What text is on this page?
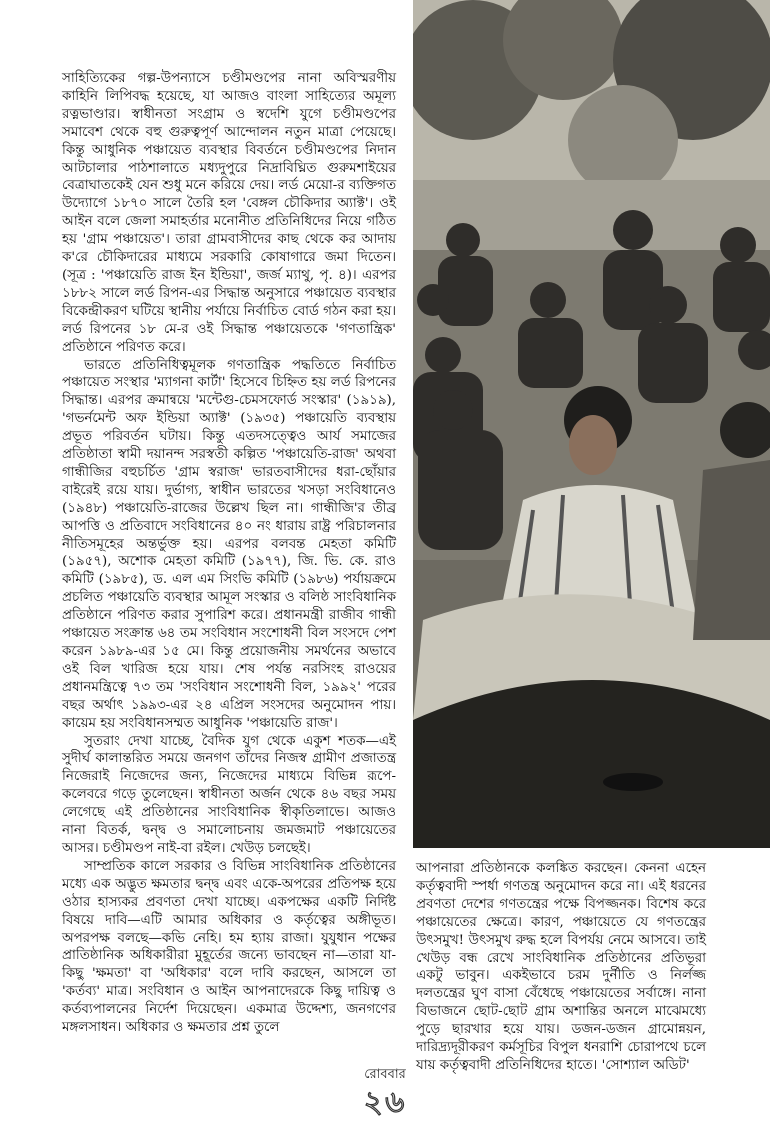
সাহিত্যিকের গল্প-উপন্যাসে চণ্ডীমণ্ডপের নানা অবিস্মরণীয় কাহিনি লিপিবদ্ধ হয়েছে, যা আজও বাংলা সাহিত্যের অমূল্য রত্নভাণ্ডার। স্বাধীনতা সংগ্রাম ও স্বদেশি যুগে চণ্ডীমণ্ডপের সমাবেশ থেকে বহু গুরুত্বপূর্ণ আন্দোলন নতুন মাত্রা পেয়েছে। কিন্তু আধুনিক পঞ্চায়েত ব্যবস্থার বিবর্তনে চণ্ডীমণ্ডপের নিদান আটচালার পাঠশালাতে মধ্যদুপুরে নিদ্রাবিঘ্নিত গুরুমশাইয়ের বেত্রাঘাতকেই যেন শুধু মনে করিয়ে দেয়। লর্ড মেয়ো-র ব্যক্তিগত উদ্যোগে ১৮৭০ সালে তৈরি হল 'বেঙ্গল চৌকিদার অ্যাক্ট'। ওই আইন বলে জেলা সমাহর্তার মনোনীত প্রতিনিধিদের নিয়ে গঠিত হয় 'গ্রাম পঞ্চায়েত'। তারা গ্রামবাসীদের কাছ থেকে কর আদায় ক'রে চৌকিদারের মাধ্যমে সরকারি কোষাগারে জমা দিতেন। (সূত্র : 'পঞ্চায়েতি রাজ ইন ইন্ডিয়া', জর্জ ম্যাথু, পৃ. ৪)। এরপর ১৮৮২ সালে লর্ড রিপন-এর সিদ্ধান্ত অনুসারে পঞ্চায়েত ব্যবস্থার বিকেন্দ্রীকরণ ঘটিয়ে স্থানীয় পর্যায়ে নির্বাচিত বোর্ড গঠন করা হয়। লর্ড রিপনের ১৮ মে-র ওই সিদ্ধান্ত পঞ্চায়েতকে 'গণতান্ত্রিক' প্রতিষ্ঠানে পরিণত করে।

ভারতে প্রতিনিধিত্বমূলক গণতান্ত্রিক পদ্ধতিতে নির্বাচিত পঞ্চায়েত সংস্থার 'ম্যাগনা কার্টা' হিসেবে চিহ্নিত হয় লর্ড রিপনের সিদ্ধান্ত। এরপর ক্রমান্বয়ে 'মন্টেগু-চেমসফোর্ড সংস্কার' (১৯১৯), 'গভর্নমেন্ট অফ ইন্ডিয়া অ্যাক্ট' (১৯৩৫) পঞ্চায়েতি ব্যবস্থায় প্রভূত পরিবর্তন ঘটায়। কিন্তু এতদসত্ত্বেও আর্য সমাজের প্রতিষ্ঠাতা স্বামী দয়ানন্দ সরস্বতী কল্পিত 'পঞ্চায়েতি-রাজ' অথবা গান্ধীজির বহুচর্চিত 'গ্রাম স্বরাজ' ভারতবাসীদের ধরা-ছোঁয়ার বাইরেই রয়ে যায়। দুর্ভাগ্য, স্বাধীন ভারতের খসড়া সংবিধানেও (১৯৪৮) পঞ্চায়েতি-রাজের উল্লেখ ছিল না। গান্ধীজি'র তীব্র আপত্তি ও প্রতিবাদে সংবিধানের ৪০ নং ধারায় রাষ্ট্র পরিচালনার নীতিসমূহের অন্তর্ভুক্ত হয়। এরপর বলবন্ত মেহতা কমিটি (১৯৫৭), অশোক মেহতা কমিটি (১৯৭৭), জি. ভি. কে. রাও কমিটি (১৯৮৫), ড. এল এম সিংভি কমিটি (১৯৮৬) পর্যায়ক্রমে প্রচলিত পঞ্চায়েতি ব্যবস্থার আমূল সংস্কার ও বলিষ্ঠ সাংবিধানিক প্রতিষ্ঠানে পরিণত করার সুপারিশ করে। প্রধানমন্ত্রী রাজীব গান্ধী পঞ্চায়েত সংক্রান্ত ৬৪ তম সংবিধান সংশোধনী বিল সংসদে পেশ করেন ১৯৮৯-এর ১৫ মে। কিন্তু প্রয়োজনীয় সমর্থনের অভাবে ওই বিল খারিজ হয়ে যায়। শেষ পর্যন্ত নরসিংহ রাওয়ের প্রধানমন্ত্রিত্বে ৭৩ তম 'সংবিধান সংশোধনী বিল, ১৯৯২' পরের বছর অর্থাৎ ১৯৯৩-এর ২৪ এপ্রিল সংসদের অনুমোদন পায়। কায়েম হয় সংবিধানসম্মত আধুনিক 'পঞ্চায়েতি রাজ'।

সুতরাং দেখা যাচ্ছে, বৈদিক যুগ থেকে একুশ শতক—এই সুদীর্ঘ কালান্তরিত সময়ে জনগণ তাঁদের নিজস্ব গ্রামীণ প্রজাতন্ত্র নিজেরাই নিজেদের জন্য, নিজেদের মাধ্যমে বিভিন্ন রূপে-কলেবরে গড়ে তুলেছেন। স্বাধীনতা অর্জন থেকে ৪৬ বছর সময় লেগেছে এই প্রতিষ্ঠানের সাংবিধানিক স্বীকৃতিলাভে। আজও নানা বিতর্ক, দ্বন্দ্ব ও সমালোচনায় জমজমাট পঞ্চায়েতের আসর। চণ্ডীমণ্ডপ নাই-বা রইল। খেউড় চলছেই।

সাম্প্রতিক কালে সরকার ও বিভিন্ন সাংবিধানিক প্রতিষ্ঠানের মধ্যে এক অদ্ভুত ক্ষমতার দ্বন্দ্ব এবং একে-অপরের প্রতিপক্ষ হয়ে ওঠার হাস্যকর প্রবণতা দেখা যাচ্ছে। একপক্ষের একটি নির্দিষ্ট বিষয়ে দাবি—এটি আমার অধিকার ও কর্তৃত্বের অঙ্গীভূত। অপরপক্ষ বলছে—কভি নেহি। হম হ্যায় রাজা। যুযুধান পক্ষের প্রাতিষ্ঠানিক অধিকারীরা মুহূর্তের জন্যে ভাবছেন না—তারা যা-কিছু 'ক্ষমতা' বা 'অধিকার' বলে দাবি করছেন, আসলে তা 'কর্তব্য' মাত্র। সংবিধান ও আইন আপনাদেরকে কিছু দায়িত্ব ও কর্তব্যপালনের নির্দেশ দিয়েছেন। একমাত্র উদ্দেশ্য, জনগণের মঙ্গলসাধন। অধিকার ও ক্ষমতার প্রশ্ন তুলে

আপনারা প্রতিষ্ঠানকে কলঙ্কিত করছেন। কেননা এহেন কর্তৃত্ববাদী স্পর্ধা গণতন্ত্র অনুমোদন করে না। এই ধরনের প্রবণতা দেশের গণতন্ত্রের পক্ষে বিপজ্জনক। বিশেষ করে পঞ্চায়েতের ক্ষেত্রে। কারণ, পঞ্চায়েতে যে গণতন্ত্রের উৎসমুখ! উৎসমুখ রুদ্ধ হলে বিপর্যয় নেমে আসবে। তাই খেউড় বন্ধ রেখে সাংবিধানিক প্রতিষ্ঠানের প্রতিভূরা একটু ভাবুন। একইভাবে চরম দুর্নীতি ও নির্লজ্জ দলতন্ত্রের ঘুণ বাসা বেঁধেছে পঞ্চায়েতের সর্বাঙ্গে। নানা বিভাজনে ছোট-ছোট গ্রাম অশান্তির অনলে মাঝেমধ্যে পুড়ে ছারখার হয়ে যায়। ডজন-ডজন গ্রামোন্নয়ন, দারিদ্র্যদূরীকরণ কর্মসূচির বিপুল ধনরাশি চোরাপথে চলে যায় কর্তৃত্ববাদী প্রতিনিধিদের হাতে। 'সোশ্যাল অডিট'

রোববার
২৬
